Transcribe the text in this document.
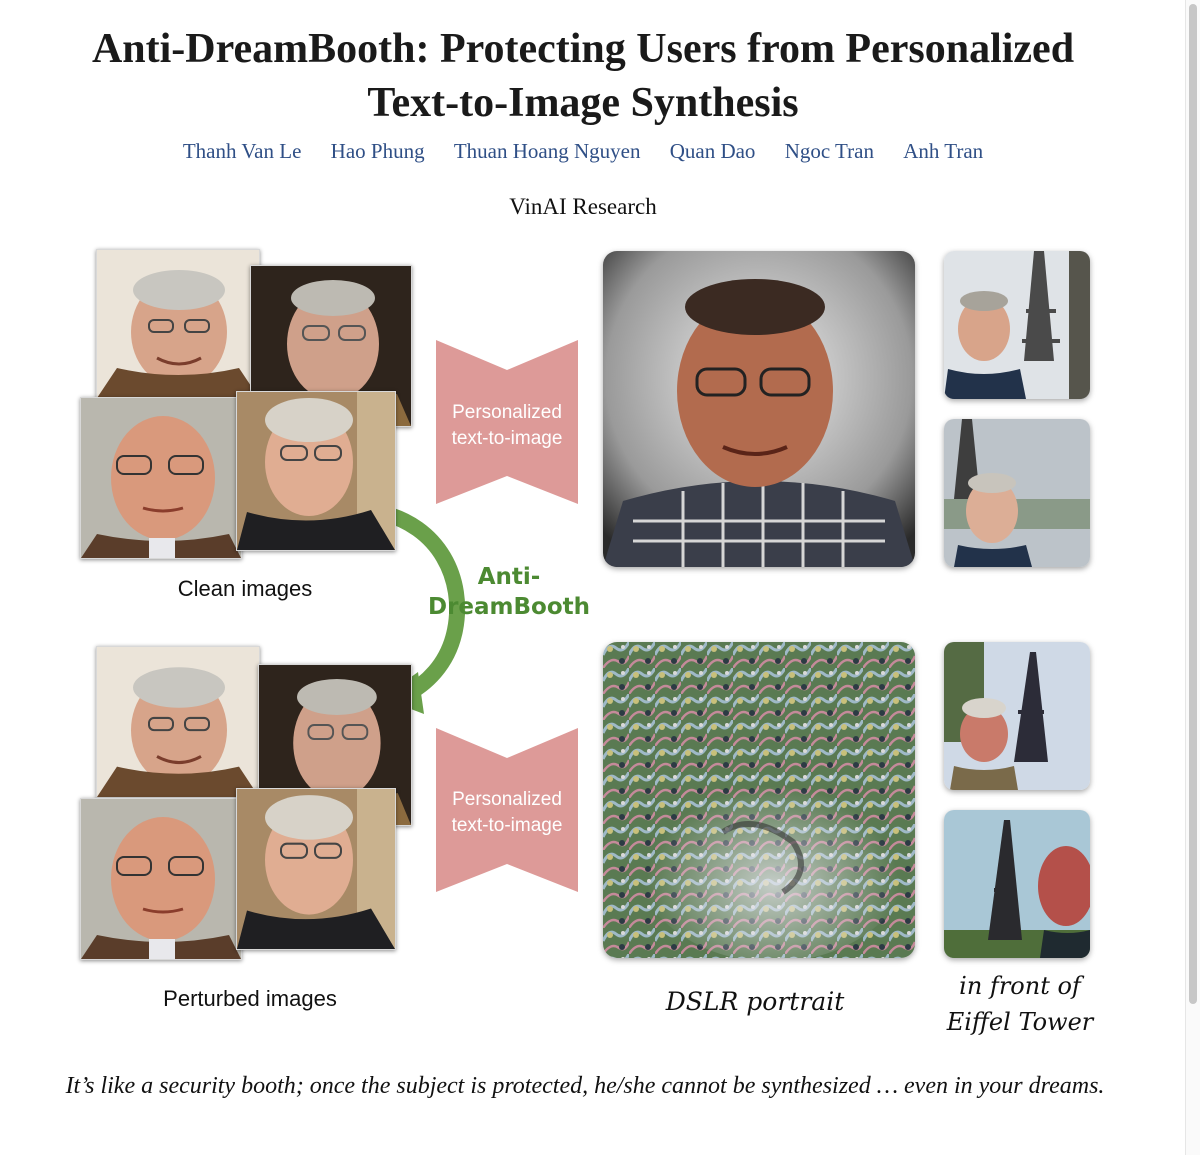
Anti-DreamBooth: Protecting Users from Personalized
Text-to-Image Synthesis
Thanh Van Le Hao Phung Thuan Hoang Nguyen Quan Dao Ngoc Tran Anh Tran
VinAI Research
Clean images
Perturbed images
Anti-
DreamBooth
Personalized
text-to-image
Personalized
text-to-image
DSLR portrait
in front of
Eiffel Tower
It’s like a security booth; once the subject is protected, he/she cannot be synthesized … even in your dreams.
